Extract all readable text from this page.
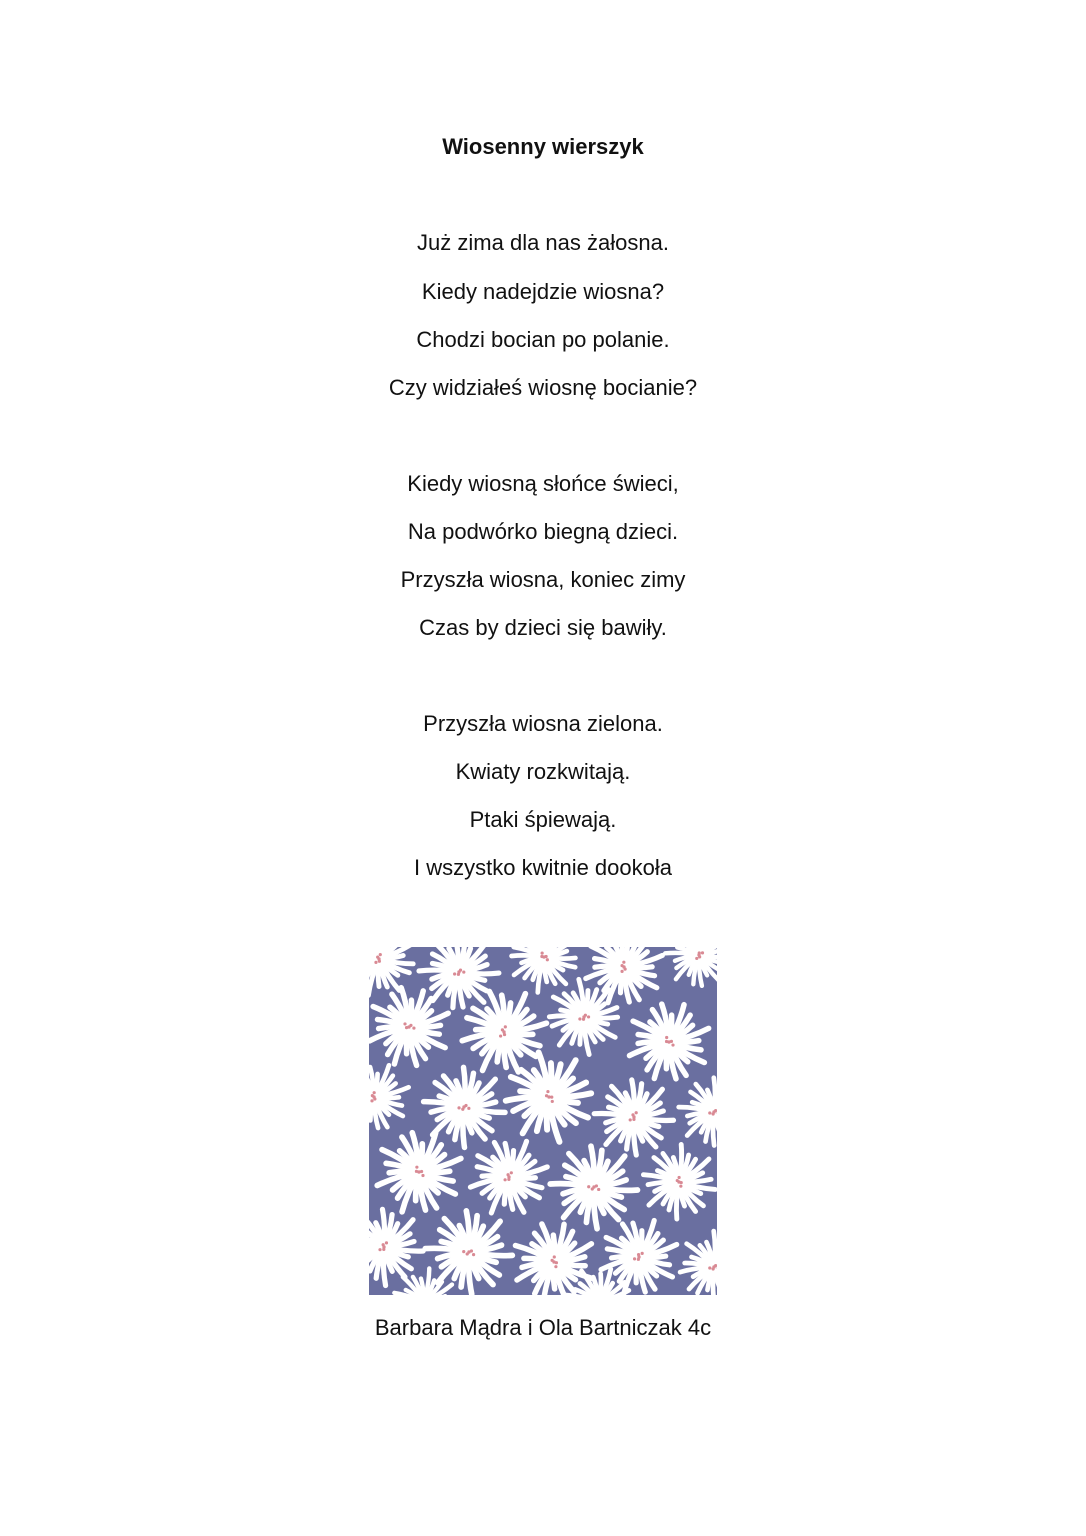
Wiosenny wierszyk
Już zima dla nas żałosna.
Kiedy nadejdzie wiosna?
Chodzi bocian po polanie.
Czy widziałeś wiosnę bocianie?
Kiedy wiosną słońce świeci,
Na podwórko biegną dzieci.
Przyszła wiosna, koniec zimy
Czas by dzieci się bawiły.
Przyszła wiosna zielona.
Kwiaty rozkwitają.
Ptaki śpiewają.
I wszystko kwitnie dookoła
Barbara Mądra i Ola Bartniczak 4c
